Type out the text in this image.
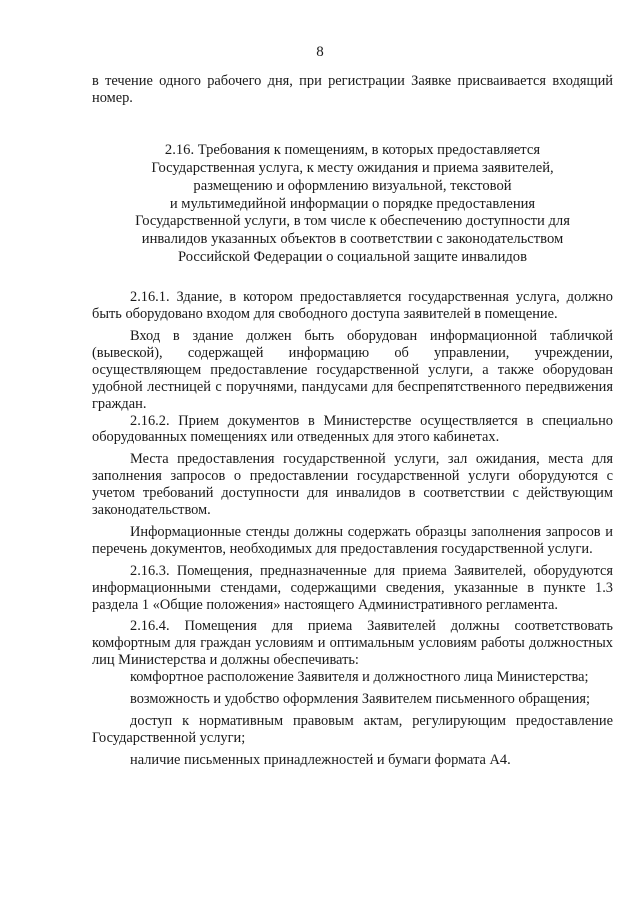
8

в течение одного рабочего дня, при регистрации Заявке присваивается входящий номер.

2.16. Требования к помещениям, в которых предоставляется
Государственная услуга, к месту ожидания и приема заявителей,
размещению и оформлению визуальной, текстовой
и мультимедийной информации о порядке предоставления
Государственной услуги, в том числе к обеспечению доступности для
инвалидов указанных объектов в соответствии с законодательством
Российской Федерации о социальной защите инвалидов

2.16.1. Здание, в котором предоставляется государственная услуга, должно быть оборудовано входом для свободного доступа заявителей в помещение.

Вход в здание должен быть оборудован информационной табличкой (вывеской), содержащей информацию об управлении, учреждении, осуществляющем предоставление государственной услуги, а также оборудован удобной лестницей с поручнями, пандусами для беспрепятственного передвижения граждан.

2.16.2. Прием документов в Министерстве осуществляется в специально оборудованных помещениях или отведенных для этого кабинетах.

Места предоставления государственной услуги, зал ожидания, места для заполнения запросов о предоставлении государственной услуги оборудуются с учетом требований доступности для инвалидов в соответствии с действующим законодательством.

Информационные стенды должны содержать образцы заполнения запросов и перечень документов, необходимых для предоставления государственной услуги.

2.16.3. Помещения, предназначенные для приема Заявителей, оборудуются информационными стендами, содержащими сведения, указанные в пункте 1.3 раздела 1 «Общие положения» настоящего Административного регламента.

2.16.4. Помещения для приема Заявителей должны соответствовать комфортным для граждан условиям и оптимальным условиям работы должностных лиц Министерства и должны обеспечивать:

комфортное расположение Заявителя и должностного лица Министерства;

возможность и удобство оформления Заявителем письменного обращения;

доступ к нормативным правовым актам, регулирующим предоставление Государственной услуги;

наличие письменных принадлежностей и бумаги формата А4.
